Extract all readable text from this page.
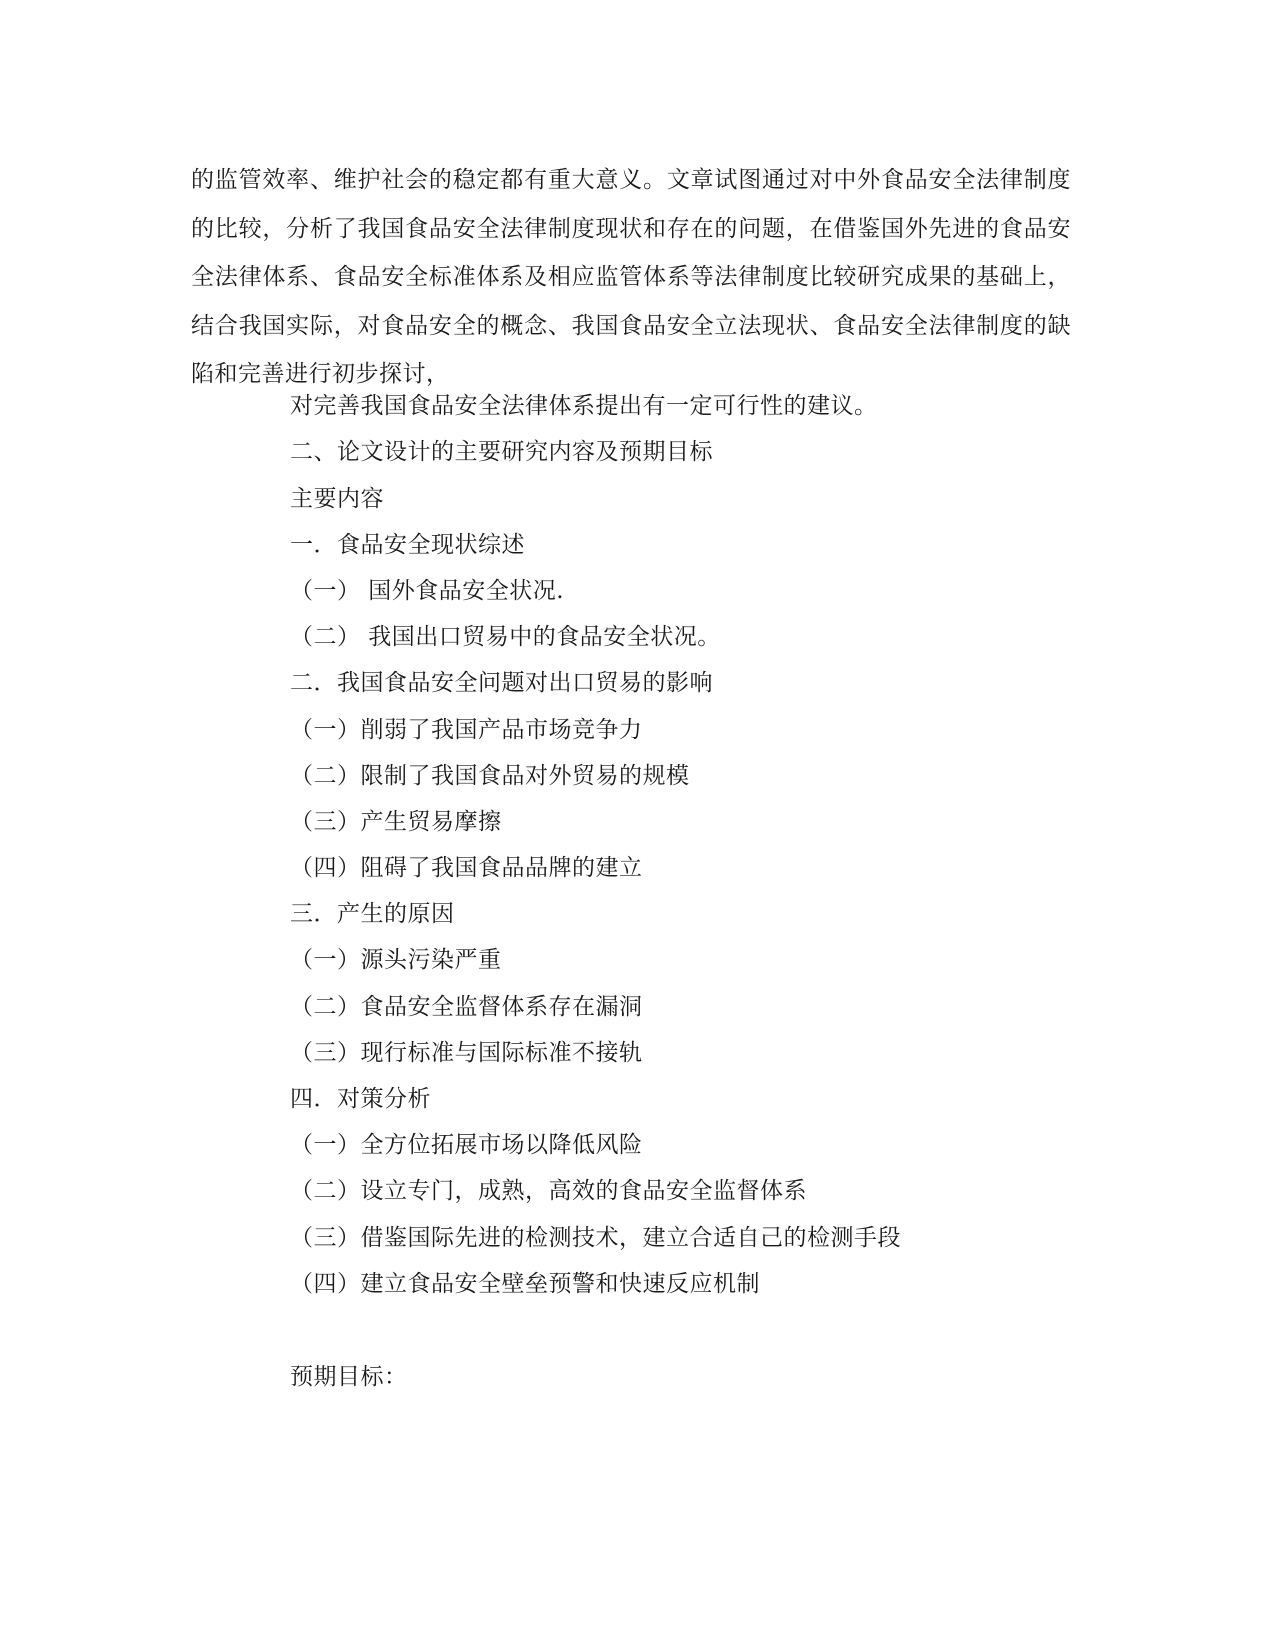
的监管效率、维护社会的稳定都有重大意义。文章试图通过对中外食品安全法律制度的比较，分析了我国食品安全法律制度现状和存在的问题，在借鉴国外先进的食品安全法律体系、食品安全标准体系及相应监管体系等法律制度比较研究成果的基础上，结合我国实际，对食品安全的概念、我国食品安全立法现状、食品安全法律制度的缺陷和完善进行初步探讨，

对完善我国食品安全法律体系提出有一定可行性的建议。

二、论文设计的主要研究内容及预期目标

主要内容

一．食品安全现状综述

（一） 国外食品安全状况.

（二） 我国出口贸易中的食品安全状况。

二．我国食品安全问题对出口贸易的影响

（一）削弱了我国产品市场竞争力

（二）限制了我国食品对外贸易的规模

（三）产生贸易摩擦

（四）阻碍了我国食品品牌的建立

三．产生的原因

（一）源头污染严重

（二）食品安全监督体系存在漏洞

（三）现行标准与国际标准不接轨

四．对策分析

（一）全方位拓展市场以降低风险

（二）设立专门，成熟，高效的食品安全监督体系

（三）借鉴国际先进的检测技术，建立合适自己的检测手段

（四）建立食品安全壁垒预警和快速反应机制

预期目标：
